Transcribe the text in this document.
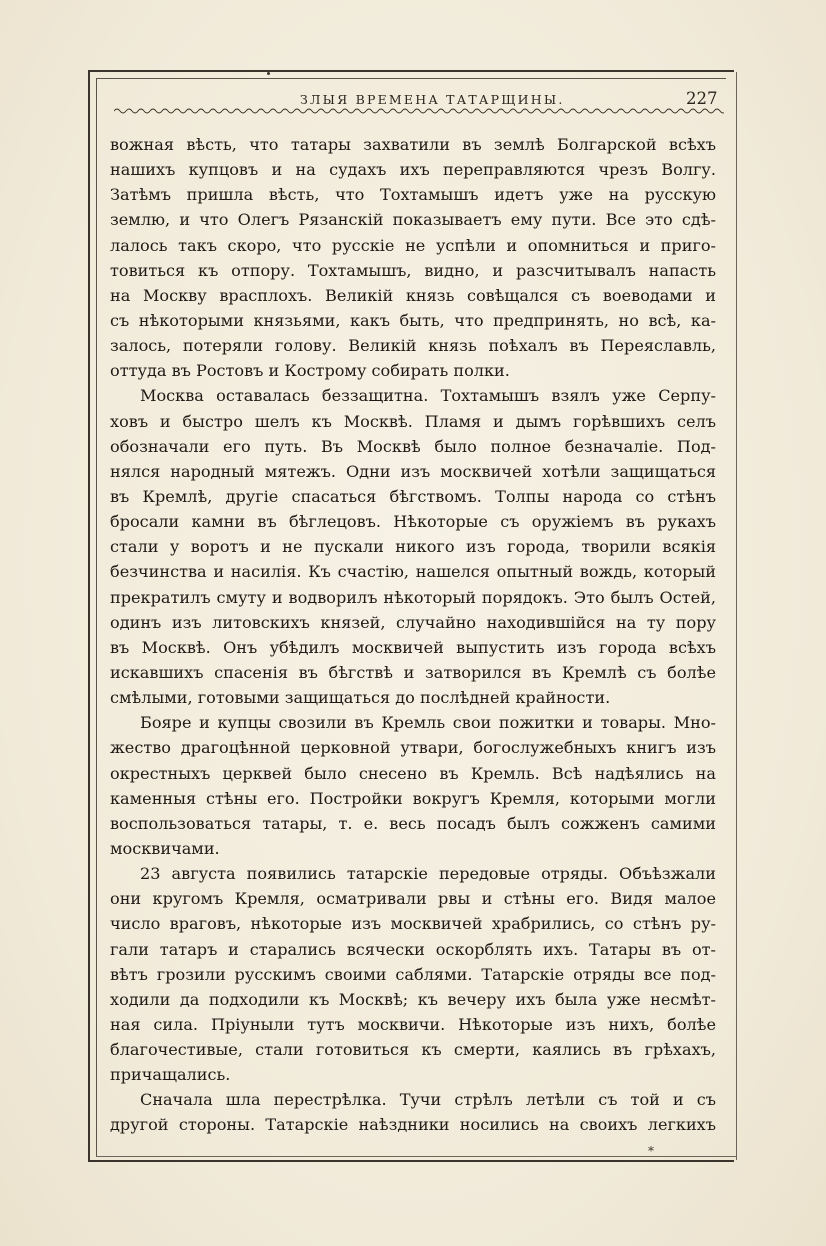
ЗЛЫЯ ВРЕМЕНА ТАТАРЩИНЫ.	227
вожная вѣсть, что татары захватили въ землѣ Болгарской всѣхъ
нашихъ купцовъ и на судахъ ихъ переправляются чрезъ Волгу.
Затѣмъ пришла вѣсть, что Тохтамышъ идетъ уже на русскую
землю, и что Олегъ Рязанскій показываетъ ему пути. Все это сдѣ-
лалось такъ скоро, что русскіе не успѣли и опомниться и приго-
товиться къ отпору. Тохтамышъ, видно, и разсчитывалъ напасть
на Москву врасплохъ. Великій князь совѣщался съ воеводами и
съ нѣкоторыми князьями, какъ быть, что предпринять, но всѣ, ка-
залось, потеряли голову. Великій князь поѣхалъ въ Переяславль,
оттуда въ Ростовъ и Кострому собирать полки.
Москва оставалась беззащитна. Тохтамышъ взялъ уже Серпу-
ховъ и быстро шелъ къ Москвѣ. Пламя и дымъ горѣвшихъ селъ
обозначали его путь. Въ Москвѣ было полное безначаліе. Под-
нялся народный мятежъ. Одни изъ москвичей хотѣли защищаться
въ Кремлѣ, другіе спасаться бѣгствомъ. Толпы народа со стѣнъ
бросали камни въ бѣглецовъ. Нѣкоторые съ оружіемъ въ рукахъ
стали у воротъ и не пускали никого изъ города, творили всякія
безчинства и насилія. Къ счастію, нашелся опытный вождь, который
прекратилъ смуту и водворилъ нѣкоторый порядокъ. Это былъ Остей,
одинъ изъ литовскихъ князей, случайно находившійся на ту пору
въ Москвѣ. Онъ убѣдилъ москвичей выпустить изъ города всѣхъ
искавшихъ спасенія въ бѣгствѣ и затворился въ Кремлѣ съ болѣе
смѣлыми, готовыми защищаться до послѣдней крайности.
Бояре и купцы свозили въ Кремль свои пожитки и товары. Мно-
жество драгоцѣнной церковной утвари, богослужебныхъ книгъ изъ
окрестныхъ церквей было снесено въ Кремль. Всѣ надѣялись на
каменныя стѣны его. Постройки вокругъ Кремля, которыми могли
воспользоваться татары, т. е. весь посадъ былъ сожженъ самими
москвичами.
23 августа появились татарскіе передовые отряды. Объѣзжали
они кругомъ Кремля, осматривали рвы и стѣны его. Видя малое
число враговъ, нѣкоторые изъ москвичей храбрились, со стѣнъ ру-
гали татаръ и старались всячески оскорблять ихъ. Татары въ от-
вѣтъ грозили русскимъ своими саблями. Татарскіе отряды все под-
ходили да подходили къ Москвѣ; къ вечеру ихъ была уже несмѣт-
ная сила. Пріуныли тутъ москвичи. Нѣкоторые изъ нихъ, болѣе
благочестивые, стали готовиться къ смерти, каялись въ грѣхахъ,
причащались.
Сначала шла перестрѣлка. Тучи стрѣлъ летѣли съ той и съ
другой стороны. Татарскіе наѣздники носились на своихъ легкихъ
*
